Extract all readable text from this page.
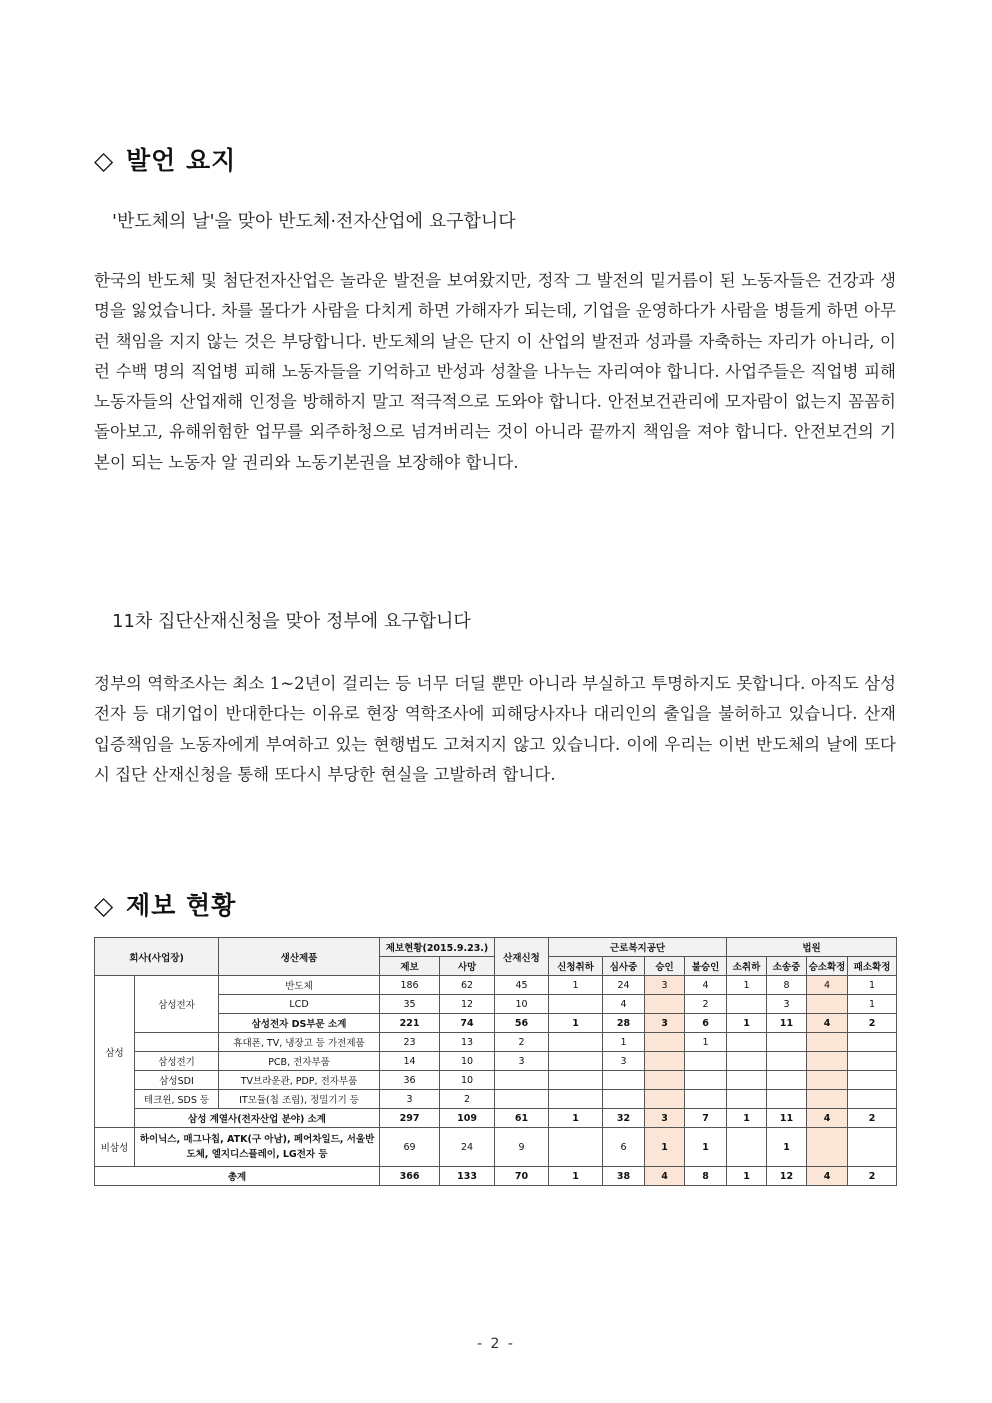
◇ 발언 요지
'반도체의 날'을 맞아 반도체·전자산업에 요구합니다
한국의 반도체 및 첨단전자산업은 놀라운 발전을 보여왔지만, 정작 그 발전의 밑거름이 된 노동자들은 건강과 생명을 잃었습니다. 차를 몰다가 사람을 다치게 하면 가해자가 되는데, 기업을 운영하다가 사람을 병들게 하면 아무런 책임을 지지 않는 것은 부당합니다. 반도체의 날은 단지 이 산업의 발전과 성과를 자축하는 자리가 아니라, 이런 수백 명의 직업병 피해 노동자들을 기억하고 반성과 성찰을 나누는 자리여야 합니다. 사업주들은 직업병 피해 노동자들의 산업재해 인정을 방해하지 말고 적극적으로 도와야 합니다. 안전보건관리에 모자람이 없는지 꼼꼼히 돌아보고, 유해위험한 업무를 외주하청으로 넘겨버리는 것이 아니라 끝까지 책임을 져야 합니다. 안전보건의 기본이 되는 노동자 알 권리와 노동기본권을 보장해야 합니다.
11차 집단산재신청을 맞아 정부에 요구합니다
정부의 역학조사는 최소 1~2년이 걸리는 등 너무 더딜 뿐만 아니라 부실하고 투명하지도 못합니다. 아직도 삼성전자 등 대기업이 반대한다는 이유로 현장 역학조사에 피해당사자나 대리인의 출입을 불허하고 있습니다. 산재 입증책임을 노동자에게 부여하고 있는 현행법도 고쳐지지 않고 있습니다. 이에 우리는 이번 반도체의 날에 또다시 집단 산재신청을 통해 또다시 부당한 현실을 고발하려 합니다.
◇ 제보 현황
회사(사업장)		생산제품	제보현황(2015.9.23.)		산재신청	근로복지공단				법원			
			제보	사망		신청취하	심사중	승인	불승인	소취하	소송중	승소확정	패소확정
삼성	삼성전자	반도체	186	62	45	1	24	3	4	1	8	4	1
		LCD	35	12	10		4		2		3		1
		삼성전자 DS부문 소계	221	74	56	1	28	3	6	1	11	4	2
		휴대폰, TV, 냉장고 등 가전제품	23	13	2		1		1				
	삼성전기	PCB, 전자부품	14	10	3		3						
	삼성SDI	TV브라운관, PDP, 전자부품	36	10									
	테크윈, SDS 등	IT모듈(칩 조립), 정밀기기 등	3	2									
	삼성 계열사(전자산업 분야) 소계		297	109	61	1	32	3	7	1	11	4	2
비삼성	하이닉스, 매그나칩, ATK(구 아남), 페어차일드, 서울반도체, 엘지디스플레이, LG전자 등		69	24	9		6	1	1		1		
총계			366	133	70	1	38	4	8	1	12	4	2
- 2 -
